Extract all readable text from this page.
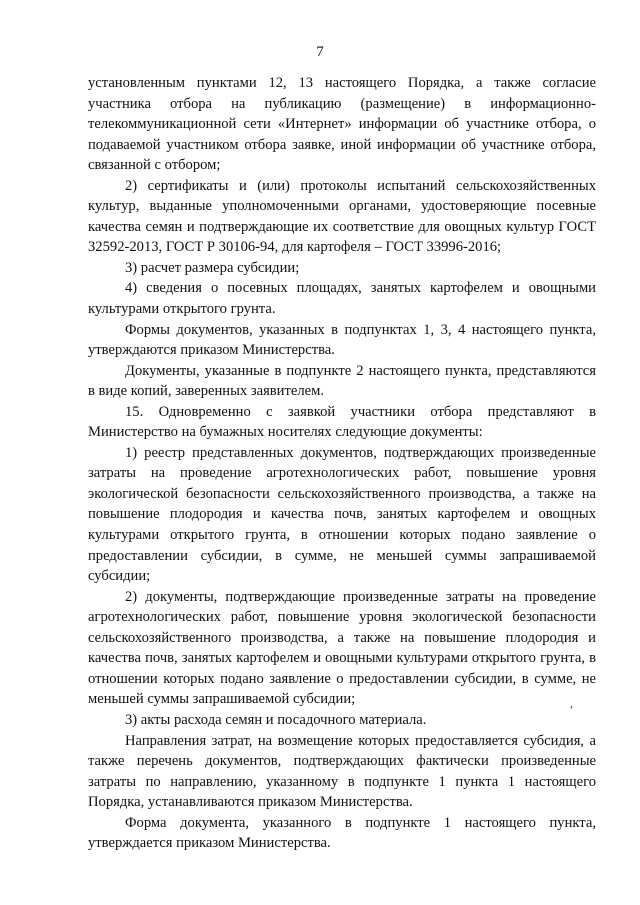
7

установленным пунктами 12, 13 настоящего Порядка, а также согласие участника отбора на публикацию (размещение) в информационно-телекоммуникационной сети «Интернет» информации об участнике отбора, о подаваемой участником отбора заявке, иной информации об участнике отбора, связанной с отбором;

2) сертификаты и (или) протоколы испытаний сельскохозяйственных культур, выданные уполномоченными органами, удостоверяющие посевные качества семян и подтверждающие их соответствие для овощных культур ГОСТ 32592-2013, ГОСТ Р 30106-94, для картофеля – ГОСТ 33996-2016;

3) расчет размера субсидии;

4) сведения о посевных площадях, занятых картофелем и овощными культурами открытого грунта.

Формы документов, указанных в подпунктах 1, 3, 4 настоящего пункта, утверждаются приказом Министерства.

Документы, указанные в подпункте 2 настоящего пункта, представляются в виде копий, заверенных заявителем.

15. Одновременно с заявкой участники отбора представляют в Министерство на бумажных носителях следующие документы:

1) реестр представленных документов, подтверждающих произведенные затраты на проведение агротехнологических работ, повышение уровня экологической безопасности сельскохозяйственного производства, а также на повышение плодородия и качества почв, занятых картофелем и овощных культурами открытого грунта, в отношении которых подано заявление о предоставлении субсидии, в сумме, не меньшей суммы запрашиваемой субсидии;

2) документы, подтверждающие произведенные затраты на проведение агротехнологических работ, повышение уровня экологической безопасности сельскохозяйственного производства, а также на повышение плодородия и качества почв, занятых картофелем и овощными культурами открытого грунта, в отношении которых подано заявление о предоставлении субсидии, в сумме, не меньшей суммы запрашиваемой субсидии;

3) акты расхода семян и посадочного материала.

Направления затрат, на возмещение которых предоставляется субсидия, а также перечень документов, подтверждающих фактически произведенные затраты по направлению, указанному в подпункте 1 пункта 1 настоящего Порядка, устанавливаются приказом Министерства.

Форма документа, указанного в подпункте 1 настоящего пункта, утверждается приказом Министерства.

,
